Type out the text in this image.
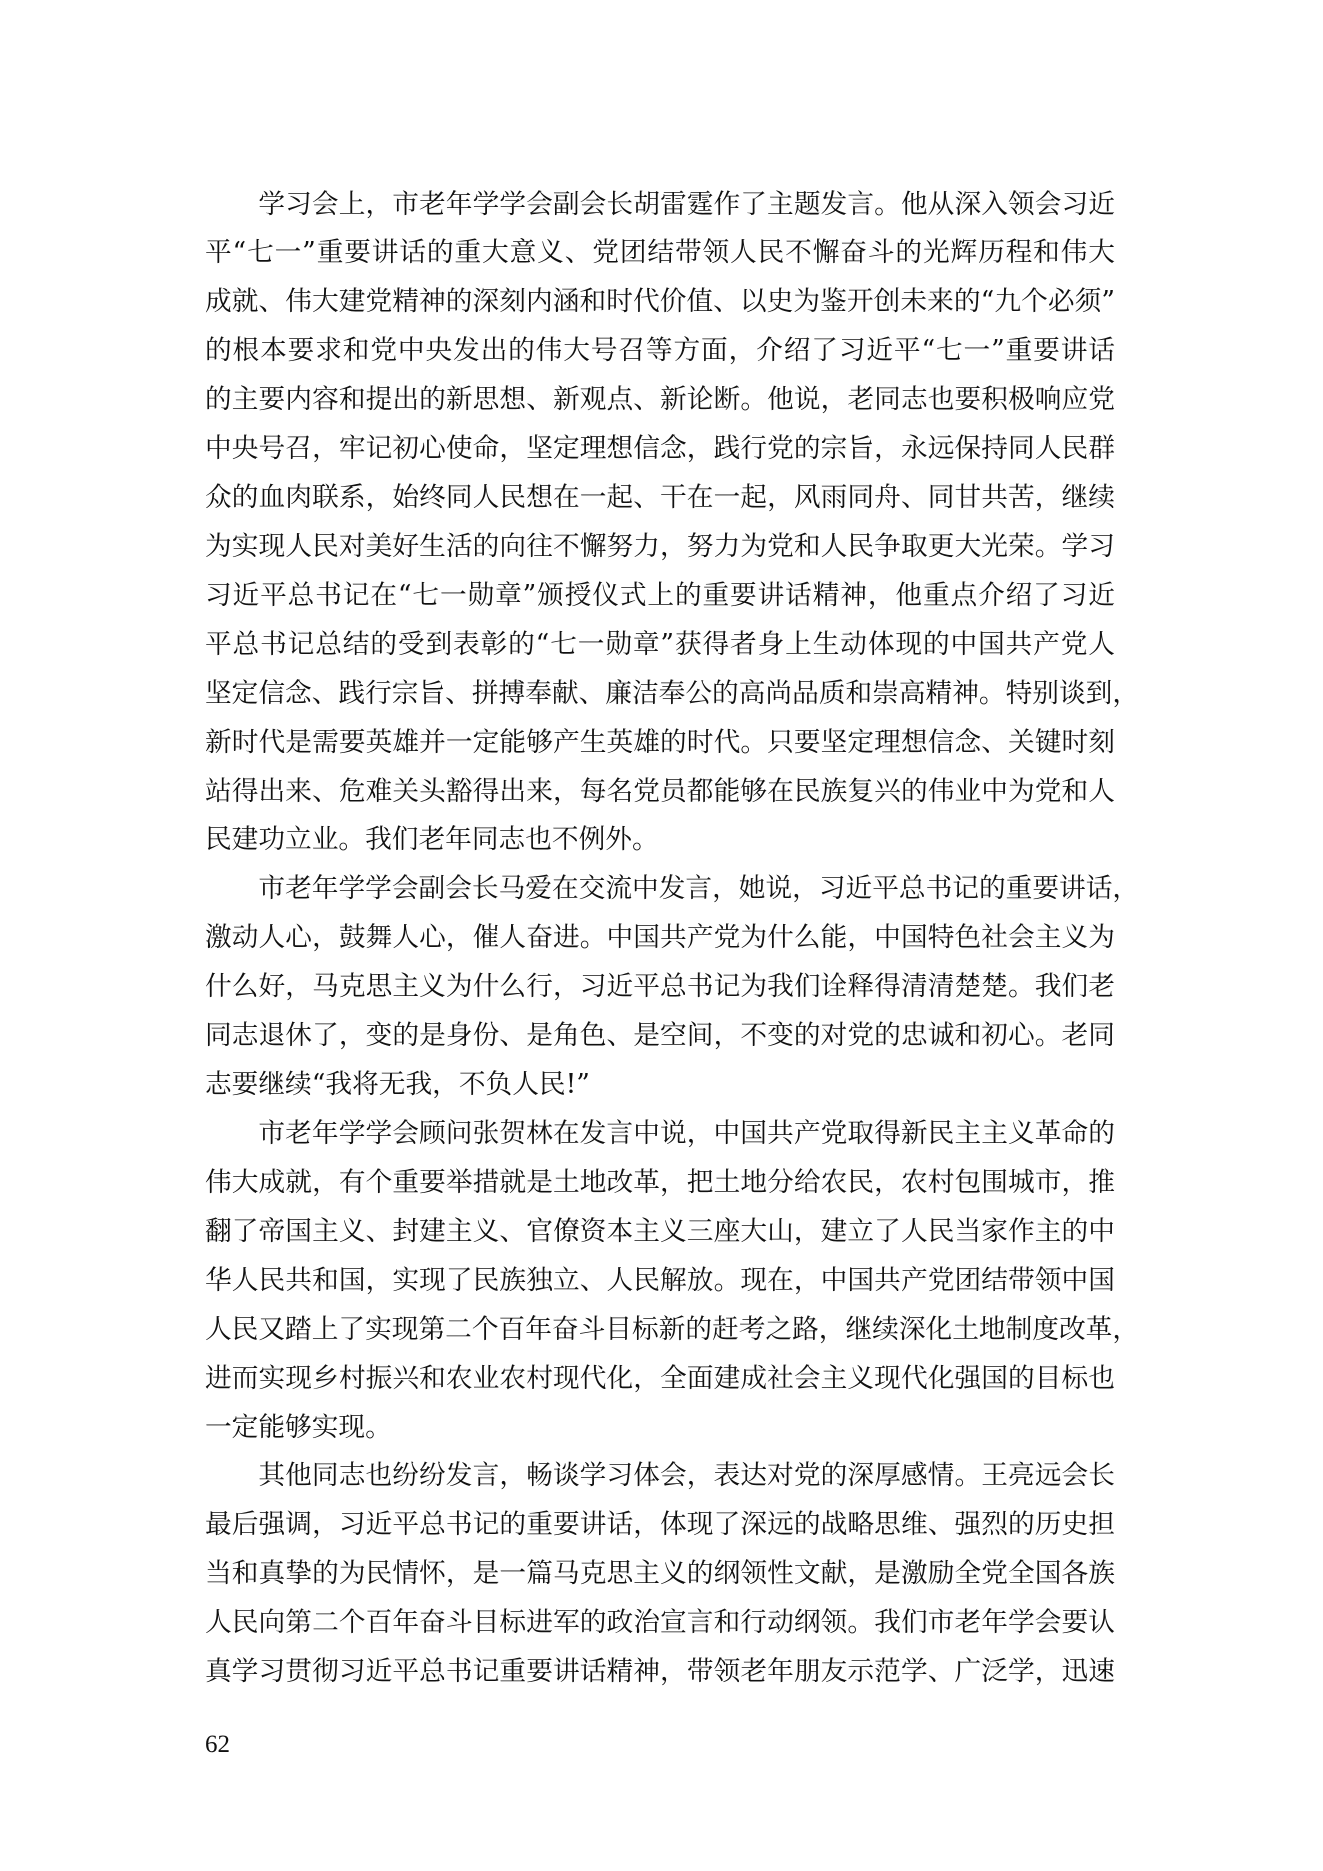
学习会上，市老年学学会副会长胡雷霆作了主题发言。他从深入领会习近
平“七一”重要讲话的重大意义、党团结带领人民不懈奋斗的光辉历程和伟大
成就、伟大建党精神的深刻内涵和时代价值、以史为鉴开创未来的“九个必须”
的根本要求和党中央发出的伟大号召等方面，介绍了习近平“七一”重要讲话
的主要内容和提出的新思想、新观点、新论断。他说，老同志也要积极响应党
中央号召，牢记初心使命，坚定理想信念，践行党的宗旨，永远保持同人民群
众的血肉联系，始终同人民想在一起、干在一起，风雨同舟、同甘共苦，继续
为实现人民对美好生活的向往不懈努力，努力为党和人民争取更大光荣。学习
习近平总书记在“七一勋章”颁授仪式上的重要讲话精神，他重点介绍了习近
平总书记总结的受到表彰的“七一勋章”获得者身上生动体现的中国共产党人
坚定信念、践行宗旨、拼搏奉献、廉洁奉公的高尚品质和崇高精神。特别谈到，
新时代是需要英雄并一定能够产生英雄的时代。只要坚定理想信念、关键时刻
站得出来、危难关头豁得出来，每名党员都能够在民族复兴的伟业中为党和人
民建功立业。我们老年同志也不例外。
市老年学学会副会长马爱在交流中发言，她说，习近平总书记的重要讲话，
激动人心，鼓舞人心，催人奋进。中国共产党为什么能，中国特色社会主义为
什么好，马克思主义为什么行，习近平总书记为我们诠释得清清楚楚。我们老
同志退休了，变的是身份、是角色、是空间，不变的对党的忠诚和初心。老同
志要继续“我将无我，不负人民!”
市老年学学会顾问张贺林在发言中说，中国共产党取得新民主主义革命的
伟大成就，有个重要举措就是土地改革，把土地分给农民，农村包围城市，推
翻了帝国主义、封建主义、官僚资本主义三座大山，建立了人民当家作主的中
华人民共和国，实现了民族独立、人民解放。现在，中国共产党团结带领中国
人民又踏上了实现第二个百年奋斗目标新的赶考之路，继续深化土地制度改革，
进而实现乡村振兴和农业农村现代化，全面建成社会主义现代化强国的目标也
一定能够实现。
其他同志也纷纷发言，畅谈学习体会，表达对党的深厚感情。王亮远会长
最后强调，习近平总书记的重要讲话，体现了深远的战略思维、强烈的历史担
当和真挚的为民情怀，是一篇马克思主义的纲领性文献，是激励全党全国各族
人民向第二个百年奋斗目标进军的政治宣言和行动纲领。我们市老年学会要认
真学习贯彻习近平总书记重要讲话精神，带领老年朋友示范学、广泛学，迅速
62
